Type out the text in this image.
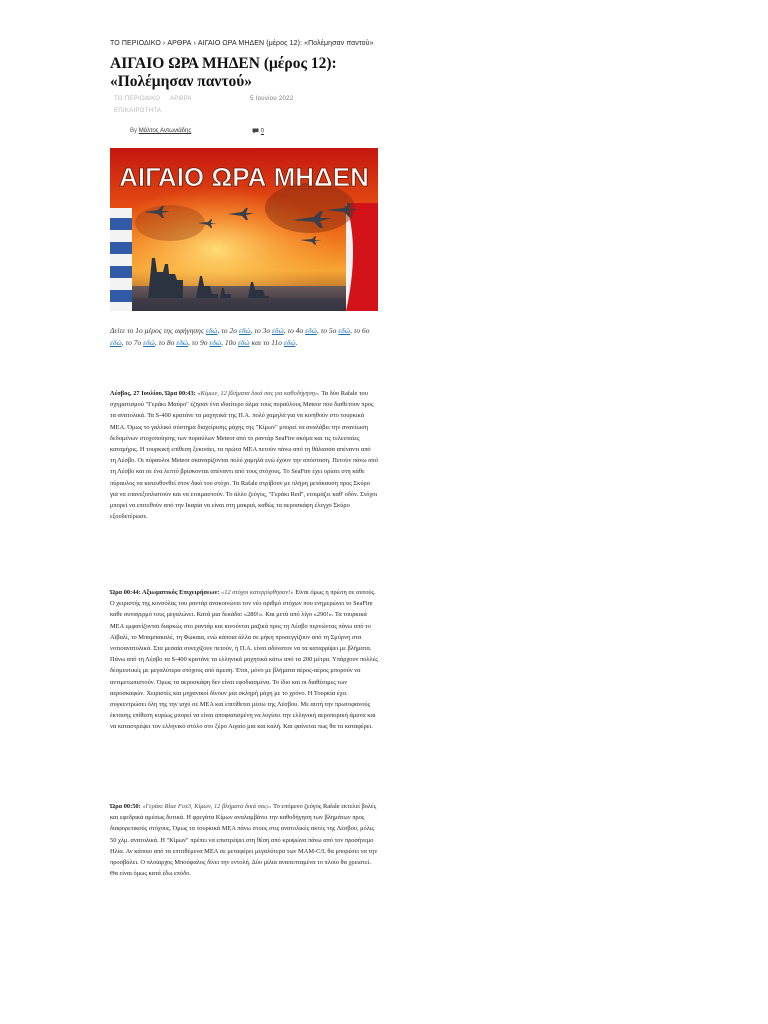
ΤΟ ΠΕΡΙΟΔΙΚΟ › ΑΡΘΡΑ › ΑΙΓΑΙΟ ΩΡΑ ΜΗΔΕΝ (μέρος 12): «Πολέμησαν παντού»
ΑΙΓΑΙΟ ΩΡΑ ΜΗΔΕΝ (μέρος 12): «Πολέμησαν παντού»
ΤΟ ΠΕΡΙΟΔΙΚΟ ΑΡΘΡΑ
ΕΠΙΚΑΙΡΟΤΗΤΑ
5 Ιουνίου 2022
By Μάλτος Αντωνιάδης	0
ΑΙΓΑΙΟ ΩΡΑ ΜΗΔΕΝ
Δείτε το 1ο μέρος της αφήγησης εδώ, το 2ο εδώ, το 3ο εδώ, το 4ο εδώ, το 5ο εδώ, το 6ο εδώ, το 7ο εδώ, το 8ο εδώ, το 9ο εδώ, 10ο εδώ και το 11ο εδώ.

Λέσβος, 27 Ιουλίου, Ώρα 00:43: «Κίμων, 12 βλήματα δικά σας για καθοδήγηση». Τα δύο Rafale του σχηματισμού "Γεράκι Μαύρο" έζησαν ένα ιδιαίτερο άλμα τους πυραύλους Meteor που διαθέτουν προς τα ανατολικά. Τα S-400 κρατάνε τα μαχητικά της Π.Α. πολύ χαμηλά για να κινηθούν στο τουρκικά ΜΕΑ. Όμως το γαλλικό σύστημα διαχείρισης μάχης της "Κίμων" μπορεί να αναλάβει την ανανέωση δεδομένων στοχοποίησης των πυραύλων Meteor από το ραντάρ SeaFire ακόμα και τις τελευταίες καταμήρις. Η τουρκική επίθεση ξεκινάει, τα πρώτα ΜΕΑ πετούν πάνω από τη θάλασσα απέναντι από τη Λέσβο. Οι πύραυλοι Meteor σκαναρίζονται πολύ χαμηλά ενώ έχουν την απόσταση. Πετούν πάνω από τη Λέσβο και σε ένα λεπτό βρίσκονται απέναντι από τους στόχους. Το SeaFire έχει ορίσει στη κάθε πύραυλος να κατευθυνθεί στον δικό του στόχο. Τα Rafale στρίβουν με πλήρη μετάκαυση προς Σκύρο για να επανεξοπλιστούν και να ετοιμαστούν. Το άλλο ζεύγος, "Γεράκι Red", ετοιμάζει καθ' οδόν. Στόχοι μπορεί να επιτεθούν από την Ικαρία να είναι στη μακριά, καθώς τα αεροσκάφη έλεγχο Σκύρο εξουδετέρωσε.

Ώρα 00:44: Αξιωματικός Επιχειρήσεων: «12 στόχοι κατερρίφθησαν!» Είναι όμως η πρώτη σε αυτούς. Ο χειριστής της κονσόλας του ραντάρ ανακοινώνει τον νέο αριθμό στόχων που ενημερώνει το SeaFire καθε συναγερμό τους μεγαλώνει. Κατά μια δεκάδα: «280!». Και μετά από λίγο «290!». Τα τουρκικά ΜΕΑ εμφανίζονται διαρκώς στο ραντάρ και κινούνται μαζικά προς τη Λέσβο περνώντας πάνω από το Αϊβαλί, το Μπαμπακαλέ, τη Φώκαια, ενώ κάποια άλλα σε μήκη προσεγγίζουν από τη Σμύρνη στα νοτιοανατολικά. Στα μεσαία συνεχίζουν πετούν, ή Π.Α. είναι αδύνατον να τα καταρρίψει με βλήματα. Πάνω από τη Λέσβο τα S-400 κρατάνε τα ελληνικά μαχητικά κάτω από τα 200 μέτρα. Υπάρχουν πολλές δέσμευτικές με μεγαλύτερα στόχους από άμεση. Έτσι, μόνο με βλήματα αέρος-αέρος μπορούν να αντιμετωπιστούν. Όμως τα αεροσκάφη δεν είναι εφοδιασμένα. Το ίδιο και οι διαθέσιμες των αεροσκαφών. Χειριστές και μηχανικοί δίνουν μια σκληρή μάχη με το χρόνο. Η Τουρκία έχει συγκεντρώσει όλη της την ισχύ σε ΜΕΑ και επιτίθεται μέσω της Λέσβου. Με αυτή την πρωτοφανούς έκτασης επίθεση κυρίως μπορεί να είναι αποφασισμένη να λυγίσει την ελληνική αεροπορική άμυνα και να καταστρέψει τον ελληνικό στόλο στο ξέρο Αιγαίο μια και καλή. Και φαίνεται πως θα τα καταφέρει.

Ώρα 00:50: «Γεράκι Blue Fox3, Κίμων, 12 βλήματα δικά σας». Το επόμενο ζεύγος Rafale εκτελεί βολές και εφεδρικά αμέσως δυτικά. Η φρεγάτα Κίμων αναλαμβάνει την καθοδήγηση των βλημάτων προς διαφορετικούς στόχους. Όμως τα τουρκικά ΜΕΑ πάνω στους στις ανατολικές ακτές της Λέσβου, μόλις 50 χλμ. ανατολικά. Η "Κίμων" πρέπει να επιστρέψει στη θέση από κρυψώνα πάνω από τον προσήνεμο Ηλία. Αν κάποιο από τα επιτιθέμενα ΜΕΑ σε μεταφέρει μεγαλύτερα των MAM-C/L θα μπορέσει να την προσβάλει. Ο πλοίαρχος Μπούφαλος δίνει την εντολή. Δύο μίλια αναπεπταμένα το πλοίο θα χρειστεί. Θα είναι όμως κατά έδω επόδο.
